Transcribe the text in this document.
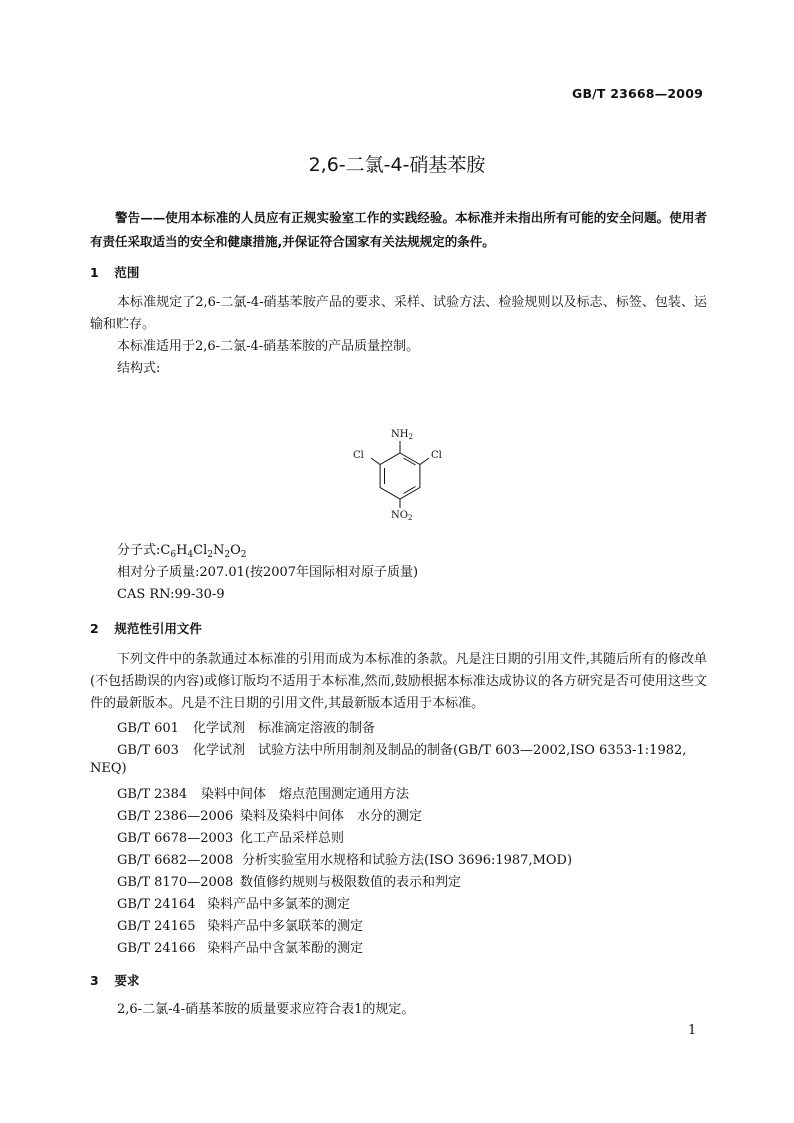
GB/T 23668—2009
2,6-二氯-4-硝基苯胺
警告——使用本标准的人员应有正规实验室工作的实践经验。本标准并未指出所有可能的安全问题。使用者有责任采取适当的安全和健康措施,并保证符合国家有关法规规定的条件。
1 范围
本标准规定了2,6-二氯-4-硝基苯胺产品的要求、采样、试验方法、检验规则以及标志、标签、包装、运输和贮存。
本标准适用于2,6-二氯-4-硝基苯胺的产品质量控制。
结构式:
$NH_2$
Cl	Cl
$NO_2$
分子式$:C_6H_4Cl_2N_2O_2$
相对分子质量:207.01(按2007年国际相对原子质量)
CAS RN:99-30-9
2 规范性引用文件
下列文件中的条款通过本标准的引用而成为本标准的条款。凡是注日期的引用文件,其随后所有的修改单(不包括勘误的内容)或修订版均不适用于本标准,然而,鼓励根据本标准达成协议的各方研究是否可使用这些文件的最新版本。凡是不注日期的引用文件,其最新版本适用于本标准。
GB/T 601 化学试剂　标准滴定溶液的制备
GB/T 603 化学试剂　试验方法中所用制剂及制品的制备(GB/T 603—2002,ISO 6353-1:1982,
NEQ)
GB/T 2384 染料中间体　熔点范围测定通用方法
GB/T 2386—2006 染料及染料中间体　水分的测定
GB/T 6678—2003 化工产品采样总则
GB/T 6682—2008 分析实验室用水规格和试验方法(ISO 3696:1987,MOD)
GB/T 8170—2008 数值修约规则与极限数值的表示和判定
GB/T 24164 染料产品中多氯苯的测定
GB/T 24165 染料产品中多氯联苯的测定
GB/T 24166 染料产品中含氯苯酚的测定
3 要求
2,6-二氯-4-硝基苯胺的质量要求应符合表1的规定。
1
